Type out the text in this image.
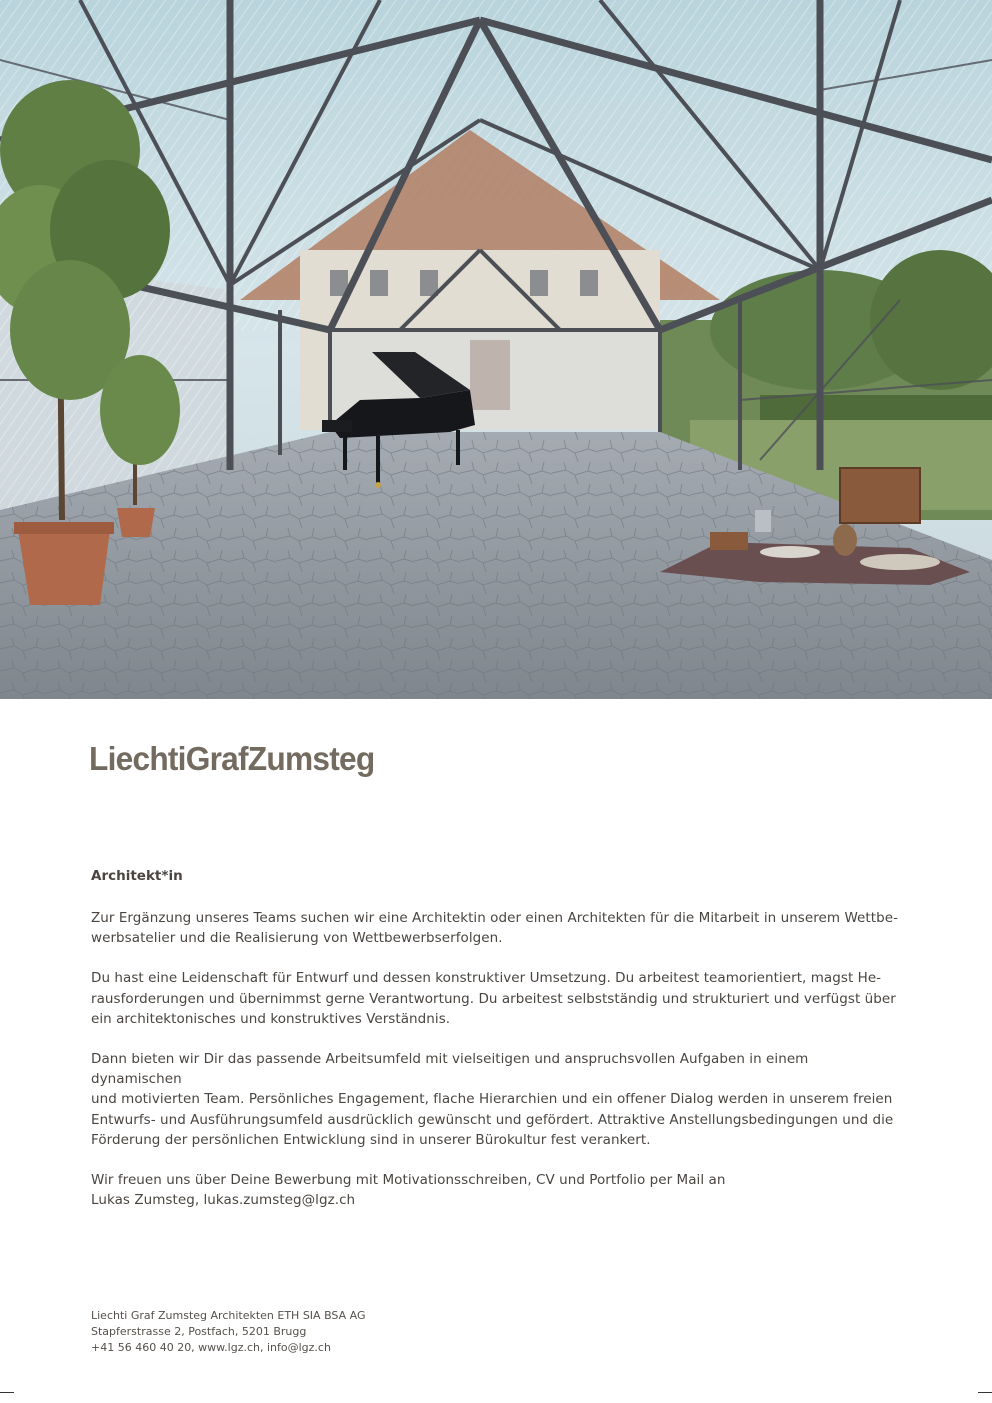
LiechtiGrafZumsteg
Architekt*in
Zur Ergänzung unseres Teams suchen wir eine Architektin oder einen Architekten für die Mitarbeit in unserem Wettbe-
werbsatelier und die Realisierung von Wettbewerbserfolgen.
Du hast eine Leidenschaft für Entwurf und dessen konstruktiver Umsetzung. Du arbeitest teamorientiert, magst He-
rausforderungen und übernimmst gerne Verantwortung. Du arbeitest selbstständig und strukturiert und verfügst über
ein architektonisches und konstruktives Verständnis.
Dann bieten wir Dir das passende Arbeitsumfeld mit vielseitigen und anspruchsvollen Aufgaben in einem dynamischen
und motivierten Team. Persönliches Engagement, flache Hierarchien und ein offener Dialog werden in unserem freien
Entwurfs- und Ausführungsumfeld ausdrücklich gewünscht und gefördert. Attraktive Anstellungsbedingungen und die
Förderung der persönlichen Entwicklung sind in unserer Bürokultur fest verankert.
Wir freuen uns über Deine Bewerbung mit Motivationsschreiben, CV und Portfolio per Mail an
Lukas Zumsteg, lukas.zumsteg@lgz.ch
Liechti Graf Zumsteg Architekten ETH SIA BSA AG
Stapferstrasse 2, Postfach, 5201 Brugg
+41 56 460 40 20, www.lgz.ch, info@lgz.ch
